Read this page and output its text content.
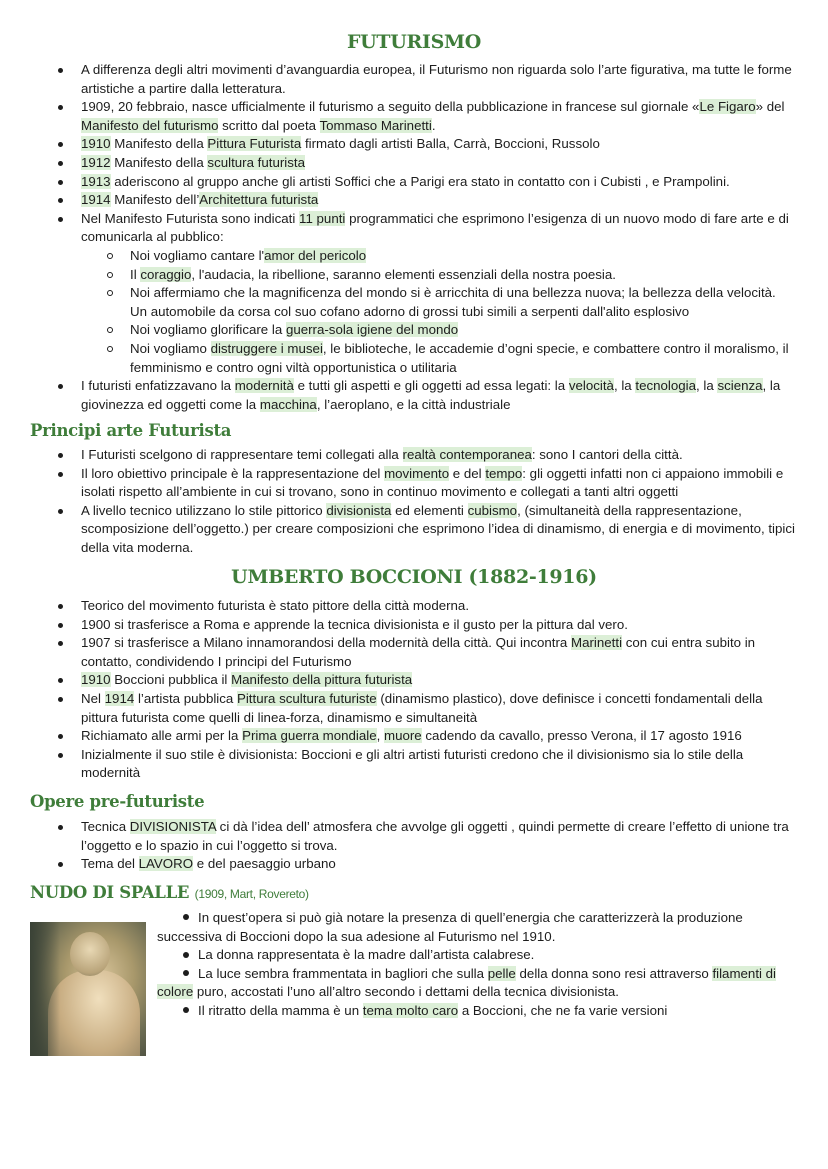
FUTURISMO
A differenza degli altri movimenti d’avanguardia europea, il Futurismo non riguarda solo l’arte figurativa, ma tutte le forme artistiche a partire dalla letteratura.
1909, 20 febbraio, nasce ufficialmente il futurismo a seguito della pubblicazione in francese sul giornale «Le Figaro» del Manifesto del futurismo scritto dal poeta Tommaso Marinetti.
1910 Manifesto della Pittura Futurista firmato dagli artisti Balla, Carrà, Boccioni, Russolo
1912 Manifesto della scultura futurista
1913 aderiscono al gruppo anche gli artisti Soffici che a Parigi era stato in contatto con i Cubisti , e Prampolini.
1914 Manifesto dell’Architettura futurista
Nel Manifesto Futurista sono indicati 11 punti programmatici che esprimono l’esigenza di un nuovo modo di fare arte e di comunicarla al pubblico:
Noi vogliamo cantare l'amor del pericolo
Il coraggio, l'audacia, la ribellione, saranno elementi essenziali della nostra poesia.
Noi affermiamo che la magnificenza del mondo si è arricchita di una bellezza nuova; la bellezza della velocità. Un automobile da corsa col suo cofano adorno di grossi tubi simili a serpenti dall'alito esplosivo
Noi vogliamo glorificare la guerra-sola igiene del mondo
Noi vogliamo distruggere i musei, le biblioteche, le accademie d’ogni specie, e combattere contro il moralismo, il femminismo e contro ogni viltà opportunistica o utilitaria
I futuristi enfatizzavano la modernità e tutti gli aspetti e gli oggetti ad essa legati: la velocità, la tecnologia, la scienza, la giovinezza ed oggetti come la macchina, l’aeroplano, e la città industriale
Principi arte Futurista
I Futuristi scelgono di rappresentare temi collegati alla realtà contemporanea: sono I cantori della città.
Il loro obiettivo principale è la rappresentazione del movimento e del tempo: gli oggetti infatti non ci appaiono immobili e isolati rispetto all’ambiente in cui si trovano, sono in continuo movimento e collegati a tanti altri oggetti
A livello tecnico utilizzano lo stile pittorico divisionista ed elementi cubismo, (simultaneità della rappresentazione, scomposizione dell’oggetto.) per creare composizioni che esprimono l’idea di dinamismo, di energia e di movimento, tipici della vita moderna.
UMBERTO BOCCIONI (1882-1916)
Teorico del movimento futurista è stato pittore della città moderna.
1900 si trasferisce a Roma e apprende la tecnica divisionista e il gusto per la pittura dal vero.
1907 si trasferisce a Milano innamorandosi della modernità della città. Qui incontra Marinetti con cui entra subito in contatto, condividendo I principi del Futurismo
1910 Boccioni pubblica il Manifesto della pittura futurista
Nel 1914 l’artista pubblica Pittura scultura futuriste (dinamismo plastico), dove definisce i concetti fondamentali della pittura futurista come quelli di linea-forza, dinamismo e simultaneità
Richiamato alle armi per la Prima guerra mondiale, muore cadendo da cavallo, presso Verona, il 17 agosto 1916
Inizialmente il suo stile è divisionista: Boccioni e gli altri artisti futuristi credono che il divisionismo sia lo stile della modernità
Opere pre-futuriste
Tecnica DIVISIONISTA ci dà l’idea dell’ atmosfera che avvolge gli oggetti , quindi permette di creare l’effetto di unione tra l’oggetto e lo spazio in cui l’oggetto si trova.
Tema del LAVORO e del paesaggio urbano
NUDO DI SPALLE (1909, Mart, Rovereto)

In quest’opera si può già notare la presenza di quell’energia che caratterizzerà la produzione successiva di Boccioni dopo la sua adesione al Futurismo nel 1910.

La donna rappresentata è la madre dall’artista calabrese.

La luce sembra frammentata in bagliori che sulla pelle della donna sono resi attraverso filamenti di colore puro, accostati l’uno all’altro secondo i dettami della tecnica divisionista.

Il ritratto della mamma è un tema molto caro a Boccioni, che ne fa varie versioni
